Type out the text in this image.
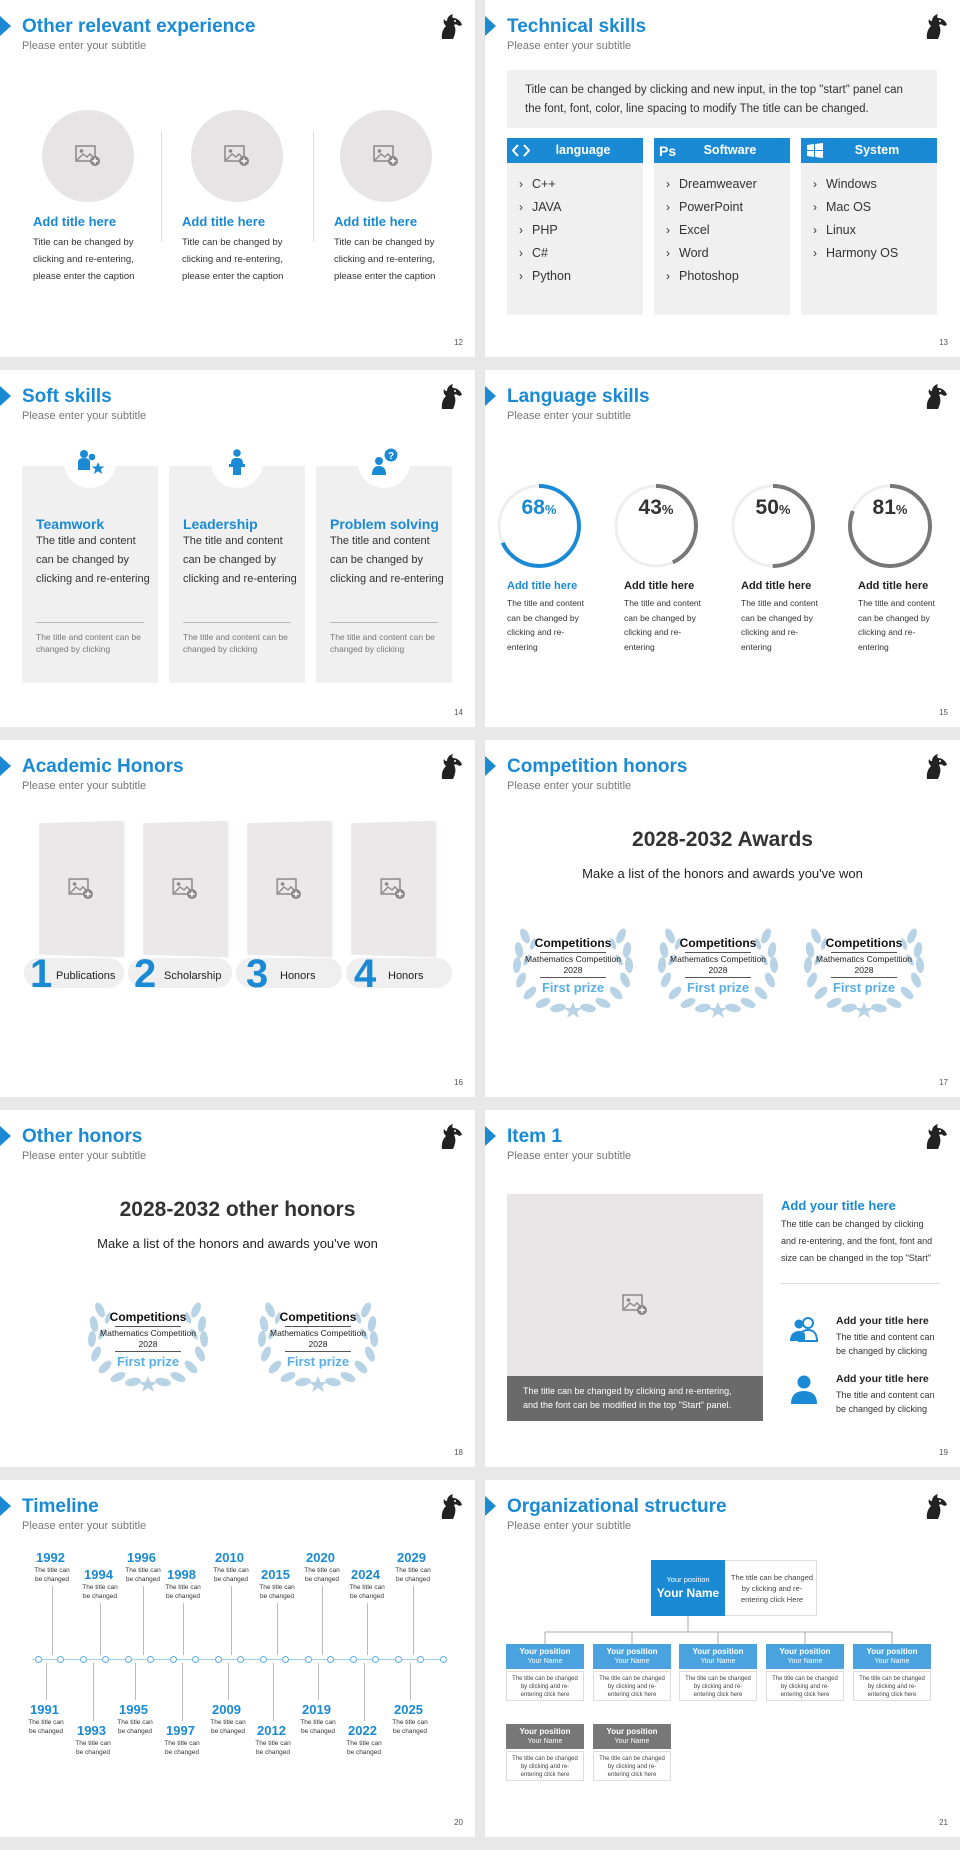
Other relevant experience
Please enter your subtitle
Add title here
Title can be changed by clicking and re-entering, please enter the caption
Add title here
Title can be changed by clicking and re-entering, please enter the caption
Add title here
Title can be changed by clicking and re-entering, please enter the caption
12
Technical skills
Please enter your subtitle
Title can be changed by clicking and new input, in the top "start" panel can the font, font, color, line spacing to modify The title can be changed.
language
› C++
› JAVA
› PHP
› C#
› Python
Ps	Software
› Dreamweaver
› PowerPoint
› Excel
› Word
› Photoshop
System
› Windows
› Mac OS
› Linux
› Harmony OS
13
Soft skills
Please enter your subtitle
Teamwork
The title and content can be changed by clicking and re-entering
The title and content can be changed by clicking
Leadership
The title and content can be changed by clicking and re-entering
The title and content can be changed by clicking
Problem solving
The title and content can be changed by clicking and re-entering
The title and content can be changed by clicking
?
14
Language skills
Please enter your subtitle
68%	43%	50%	81%
Add title here
The title and content can be changed by clicking and re-entering
Add title here
The title and content can be changed by clicking and re-entering
Add title here
The title and content can be changed by clicking and re-entering
Add title here
The title and content can be changed by clicking and re-entering
15
Academic Honors
Please enter your subtitle
1 Publications 2 Scholarship 3 Honors 4 Honors
16
Competition honors
Please enter your subtitle
2028-2032 Awards
Make a list of the honors and awards you've won
Competitions
Mathematics Competition
2028
First prize
Competitions
Mathematics Competition
2028
First prize
Competitions
Mathematics Competition
2028
First prize
17
Other honors
Please enter your subtitle
2028-2032 other honors
Make a list of the honors and awards you've won
Competitions
Mathematics Competition
2028
First prize
Competitions
Mathematics Competition
2028
First prize
18
Item 1
Please enter your subtitle
The title can be changed by clicking and re-entering, and the font can be modified in the top "Start" panel.
Add your title here
The title can be changed by clicking and re-entering, and the font, font and size can be changed in the top "Start"
Add your title here
The title and content can be changed by clicking
Add your title here
The title and content can be changed by clicking
19
Timeline
Please enter your subtitle
1992
The title can be changed	1994
The title can be changed
1996
The title can be changed 1998
The title can be changed
2010
The title can be changed	2015
The title can be changed
2020
The title can be changed 2024
The title can be changed
2029
The title can be changed
1991
The title can be changed	1993
The title can be changed
1995
The title can be changed	1997
The title can be changed
2009
The title can be changed 2012
The title can be changed
2019
The title can be changed	2022
The title can be changed
2025
The title can be changed
20
Organizational structure
Please enter your subtitle
Your position
Your Name
The title can be changed by clicking and re-entering click Here
Your position
Your Name
The title can be changed by clicking and re-entering click here
Your position
Your Name
The title can be changed by clicking and re-entering click here
Your position
Your Name
The title can be changed by clicking and re-entering click here
Your position
Your Name
The title can be changed by clicking and re-entering click here
Your position
Your Name
The title can be changed by clicking and re-entering click here
Your position
Your Name
The title can be changed by clicking and re-entering click here
Your position
Your Name
The title can be changed by clicking and re-entering click here
21
